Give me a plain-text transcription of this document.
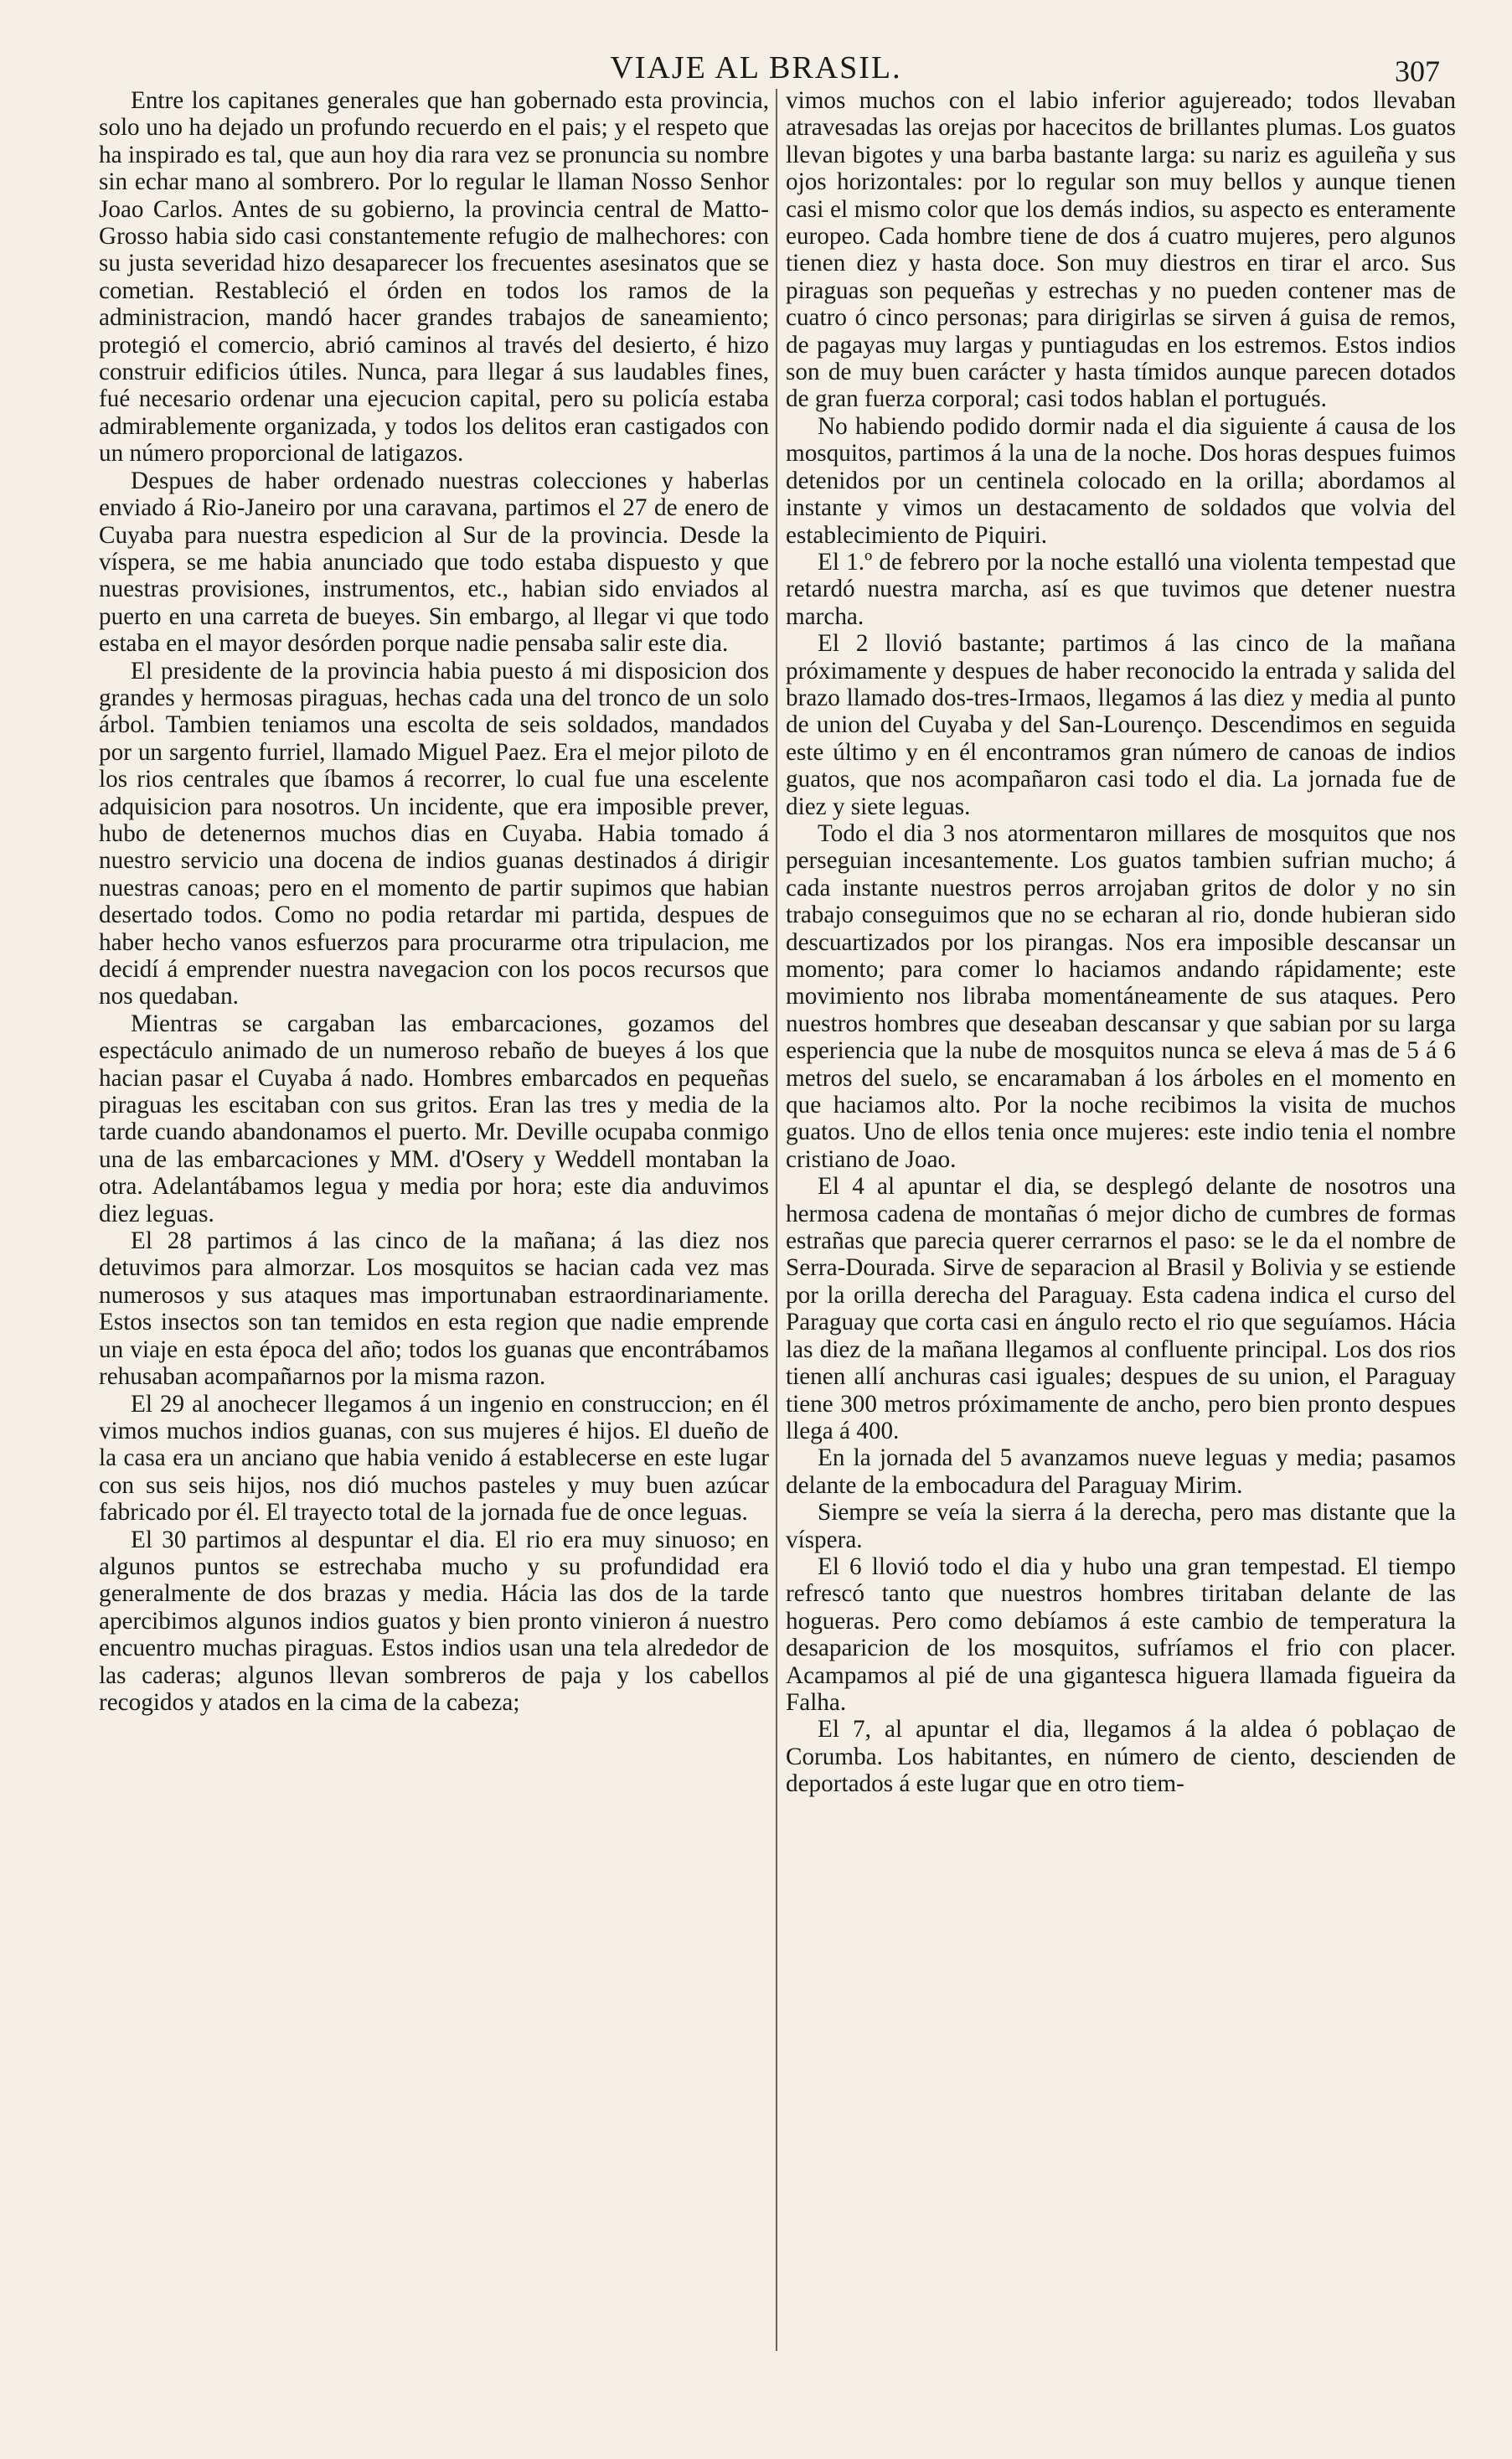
VIAJE AL BRASIL.	307

Entre los capitanes generales que han gobernado esta provincia, solo uno ha dejado un profundo recuerdo en el pais; y el respeto que ha inspirado es tal, que aun hoy dia rara vez se pronuncia su nombre sin echar mano al sombrero. Por lo regular le llaman Nosso Senhor Joao Carlos. Antes de su gobierno, la provincia central de Matto-Grosso habia sido casi constantemente refugio de malhechores: con su justa severidad hizo desaparecer los frecuentes asesinatos que se cometian. Restableció el órden en todos los ramos de la administracion, mandó hacer grandes trabajos de saneamiento; protegió el comercio, abrió caminos al través del desierto, é hizo construir edificios útiles. Nunca, para llegar á sus laudables fines, fué necesario ordenar una ejecucion capital, pero su policía estaba admirablemente organizada, y todos los delitos eran castigados con un número proporcional de latigazos.

Despues de haber ordenado nuestras colecciones y haberlas enviado á Rio-Janeiro por una caravana, partimos el 27 de enero de Cuyaba para nuestra espedicion al Sur de la provincia. Desde la víspera, se me habia anunciado que todo estaba dispuesto y que nuestras provisiones, instrumentos, etc., habian sido enviados al puerto en una carreta de bueyes. Sin embargo, al llegar vi que todo estaba en el mayor desórden porque nadie pensaba salir este dia.

El presidente de la provincia habia puesto á mi disposicion dos grandes y hermosas piraguas, hechas cada una del tronco de un solo árbol. Tambien teniamos una escolta de seis soldados, mandados por un sargento furriel, llamado Miguel Paez. Era el mejor piloto de los rios centrales que íbamos á recorrer, lo cual fue una escelente adquisicion para nosotros. Un incidente, que era imposible prever, hubo de detenernos muchos dias en Cuyaba. Habia tomado á nuestro servicio una docena de indios guanas destinados á dirigir nuestras canoas; pero en el momento de partir supimos que habian desertado todos. Como no podia retardar mi partida, despues de haber hecho vanos esfuerzos para procurarme otra tripulacion, me decidí á emprender nuestra navegacion con los pocos recursos que nos quedaban.

Mientras se cargaban las embarcaciones, gozamos del espectáculo animado de un numeroso rebaño de bueyes á los que hacian pasar el Cuyaba á nado. Hombres embarcados en pequeñas piraguas les escitaban con sus gritos. Eran las tres y media de la tarde cuando abandonamos el puerto. Mr. Deville ocupaba conmigo una de las embarcaciones y MM. d'Osery y Weddell montaban la otra. Adelantábamos legua y media por hora; este dia anduvimos diez leguas.

El 28 partimos á las cinco de la mañana; á las diez nos detuvimos para almorzar. Los mosquitos se hacian cada vez mas numerosos y sus ataques mas importunaban estraordinariamente. Estos insectos son tan temidos en esta region que nadie emprende un viaje en esta época del año; todos los guanas que encontrábamos rehusaban acompañarnos por la misma razon.

El 29 al anochecer llegamos á un ingenio en construccion; en él vimos muchos indios guanas, con sus mujeres é hijos. El dueño de la casa era un anciano que habia venido á establecerse en este lugar con sus seis hijos, nos dió muchos pasteles y muy buen azúcar fabricado por él. El trayecto total de la jornada fue de once leguas.

El 30 partimos al despuntar el dia. El rio era muy sinuoso; en algunos puntos se estrechaba mucho y su profundidad era generalmente de dos brazas y media. Hácia las dos de la tarde apercibimos algunos indios guatos y bien pronto vinieron á nuestro encuentro muchas piraguas. Estos indios usan una tela alrededor de las caderas; algunos llevan sombreros de paja y los cabellos recogidos y atados en la cima de la cabeza;

vimos muchos con el labio inferior agujereado; todos llevaban atravesadas las orejas por hacecitos de brillantes plumas. Los guatos llevan bigotes y una barba bastante larga: su nariz es aguileña y sus ojos horizontales: por lo regular son muy bellos y aunque tienen casi el mismo color que los demás indios, su aspecto es enteramente europeo. Cada hombre tiene de dos á cuatro mujeres, pero algunos tienen diez y hasta doce. Son muy diestros en tirar el arco. Sus piraguas son pequeñas y estrechas y no pueden contener mas de cuatro ó cinco personas; para dirigirlas se sirven á guisa de remos, de pagayas muy largas y puntiagudas en los estremos. Estos indios son de muy buen carácter y hasta tímidos aunque parecen dotados de gran fuerza corporal; casi todos hablan el portugués.

No habiendo podido dormir nada el dia siguiente á causa de los mosquitos, partimos á la una de la noche. Dos horas despues fuimos detenidos por un centinela colocado en la orilla; abordamos al instante y vimos un destacamento de soldados que volvia del establecimiento de Piquiri.

El 1.º de febrero por la noche estalló una violenta tempestad que retardó nuestra marcha, así es que tuvimos que detener nuestra marcha.

El 2 llovió bastante; partimos á las cinco de la mañana próximamente y despues de haber reconocido la entrada y salida del brazo llamado dos-tres-Irmaos, llegamos á las diez y media al punto de union del Cuyaba y del San-Lourenço. Descendimos en seguida este último y en él encontramos gran número de canoas de indios guatos, que nos acompañaron casi todo el dia. La jornada fue de diez y siete leguas.

Todo el dia 3 nos atormentaron millares de mosquitos que nos perseguian incesantemente. Los guatos tambien sufrian mucho; á cada instante nuestros perros arrojaban gritos de dolor y no sin trabajo conseguimos que no se echaran al rio, donde hubieran sido descuartizados por los pirangas. Nos era imposible descansar un momento; para comer lo haciamos andando rápidamente; este movimiento nos libraba momentáneamente de sus ataques. Pero nuestros hombres que deseaban descansar y que sabian por su larga esperiencia que la nube de mosquitos nunca se eleva á mas de 5 á 6 metros del suelo, se encaramaban á los árboles en el momento en que haciamos alto. Por la noche recibimos la visita de muchos guatos. Uno de ellos tenia once mujeres: este indio tenia el nombre cristiano de Joao.

El 4 al apuntar el dia, se desplegó delante de nosotros una hermosa cadena de montañas ó mejor dicho de cumbres de formas estrañas que parecia querer cerrarnos el paso: se le da el nombre de Serra-Dourada. Sirve de separacion al Brasil y Bolivia y se estiende por la orilla derecha del Paraguay. Esta cadena indica el curso del Paraguay que corta casi en ángulo recto el rio que seguíamos. Hácia las diez de la mañana llegamos al confluente principal. Los dos rios tienen allí anchuras casi iguales; despues de su union, el Paraguay tiene 300 metros próximamente de ancho, pero bien pronto despues llega á 400.

En la jornada del 5 avanzamos nueve leguas y media; pasamos delante de la embocadura del Paraguay Mirim.

Siempre se veía la sierra á la derecha, pero mas distante que la víspera.

El 6 llovió todo el dia y hubo una gran tempestad. El tiempo refrescó tanto que nuestros hombres tiritaban delante de las hogueras. Pero como debíamos á este cambio de temperatura la desaparicion de los mosquitos, sufríamos el frio con placer. Acampamos al pié de una gigantesca higuera llamada figueira da Falha.

El 7, al apuntar el dia, llegamos á la aldea ó poblaçao de Corumba. Los habitantes, en número de ciento, descienden de deportados á este lugar que en otro tiem-
